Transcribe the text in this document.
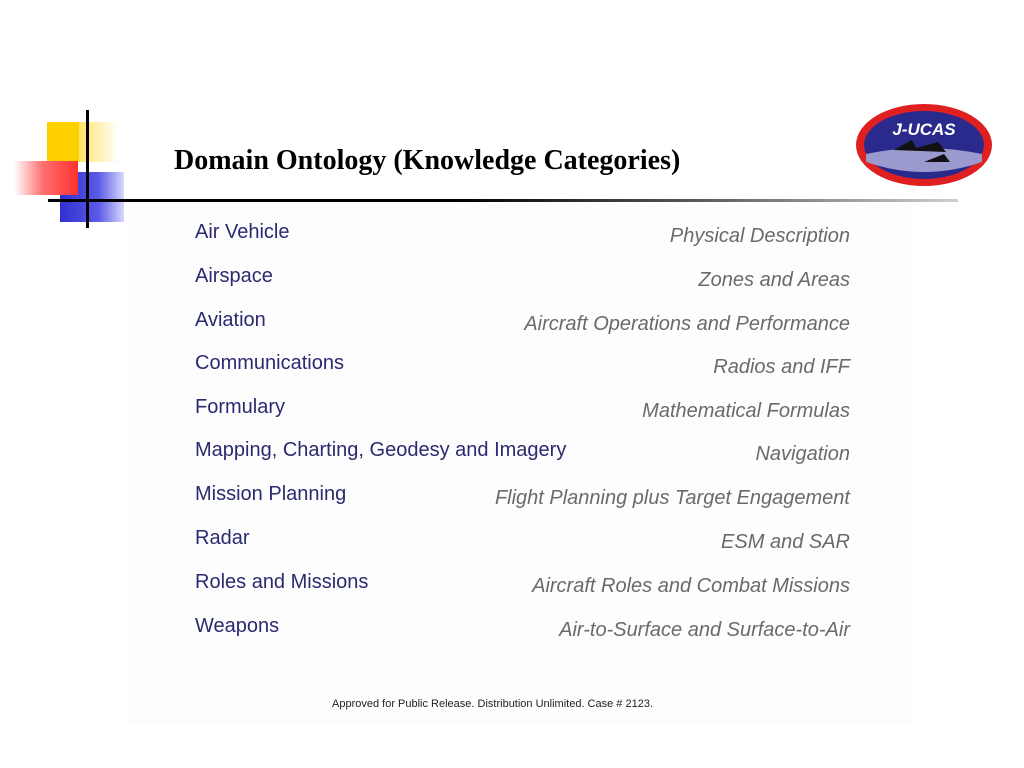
Domain Ontology (Knowledge Categories)
J-UCAS
Air Vehicle	Physical Description
Airspace	Zones and Areas
Aviation	Aircraft Operations and Performance
Communications	Radios and IFF
Formulary	Mathematical Formulas
Mapping, Charting, Geodesy and Imagery	Navigation
Mission Planning	Flight Planning plus Target Engagement
Radar	ESM and SAR
Roles and Missions	Aircraft Roles and Combat Missions
Weapons	Air-to-Surface and Surface-to-Air
Approved for Public Release. Distribution Unlimited. Case # 2123.
